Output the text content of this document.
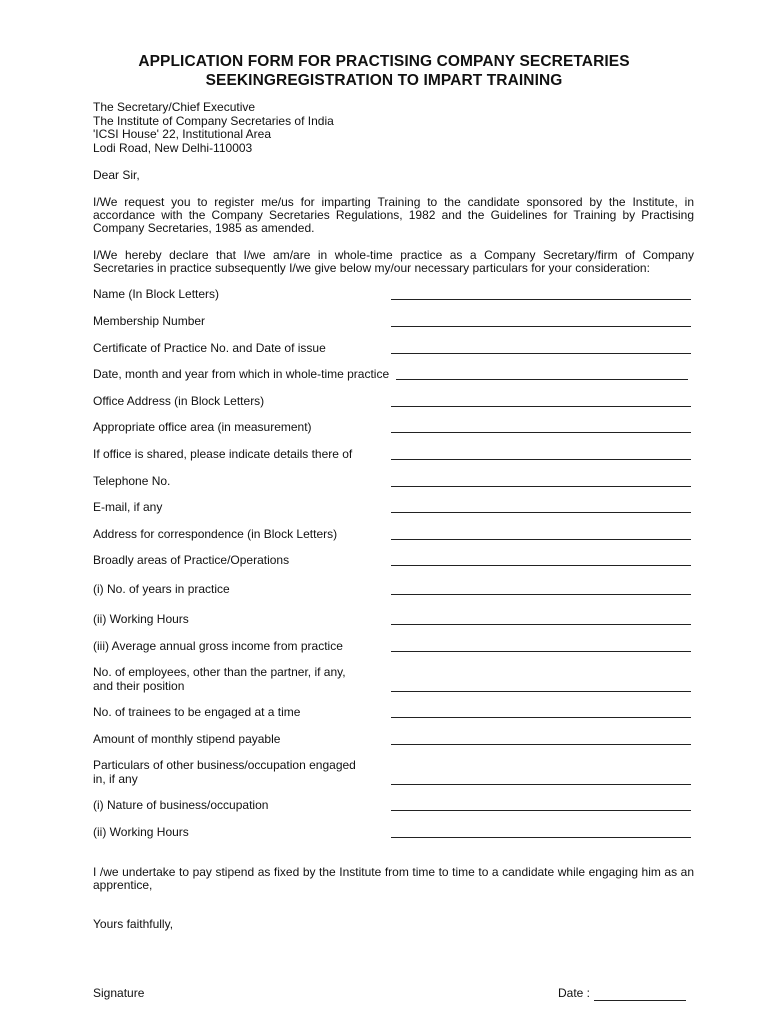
APPLICATION FORM FOR PRACTISING COMPANY SECRETARIES
SEEKINGREGISTRATION TO IMPART TRAINING
The Secretary/Chief Executive
The Institute of Company Secretaries of India
'ICSI House' 22, Institutional Area
Lodi Road, New Delhi-110003
Dear Sir,
I/We request you to register me/us for imparting Training to the candidate sponsored by the Institute, in accordance with the Company Secretaries Regulations, 1982 and the Guidelines for Training by Practising Company Secretaries, 1985 as amended.
I/We hereby declare that I/we am/are in whole-time practice as a Company Secretary/firm of Company Secretaries in practice subsequently I/we give below my/our necessary particulars for your consideration:
Name (In Block Letters)
Membership Number
Certificate of Practice No. and Date of issue
Date, month and year from which in whole-time practice
Office Address (in Block Letters)
Appropriate office area (in measurement)
If office is shared, please indicate details there of
Telephone No.
E-mail, if any
Address for correspondence (in Block Letters)
Broadly areas of Practice/Operations
(i) No. of years in practice
(ii) Working Hours
(iii) Average annual gross income from practice
No. of employees, other than the partner, if any,
and their position
No. of trainees to be engaged at a time
Amount of monthly stipend payable
Particulars of other business/occupation engaged
in, if any
(i) Nature of business/occupation
(ii) Working Hours
I /we undertake to pay stipend as fixed by the Institute from time to time to a candidate while engaging him as an apprentice,
Yours faithfully,
Signature	Date :
